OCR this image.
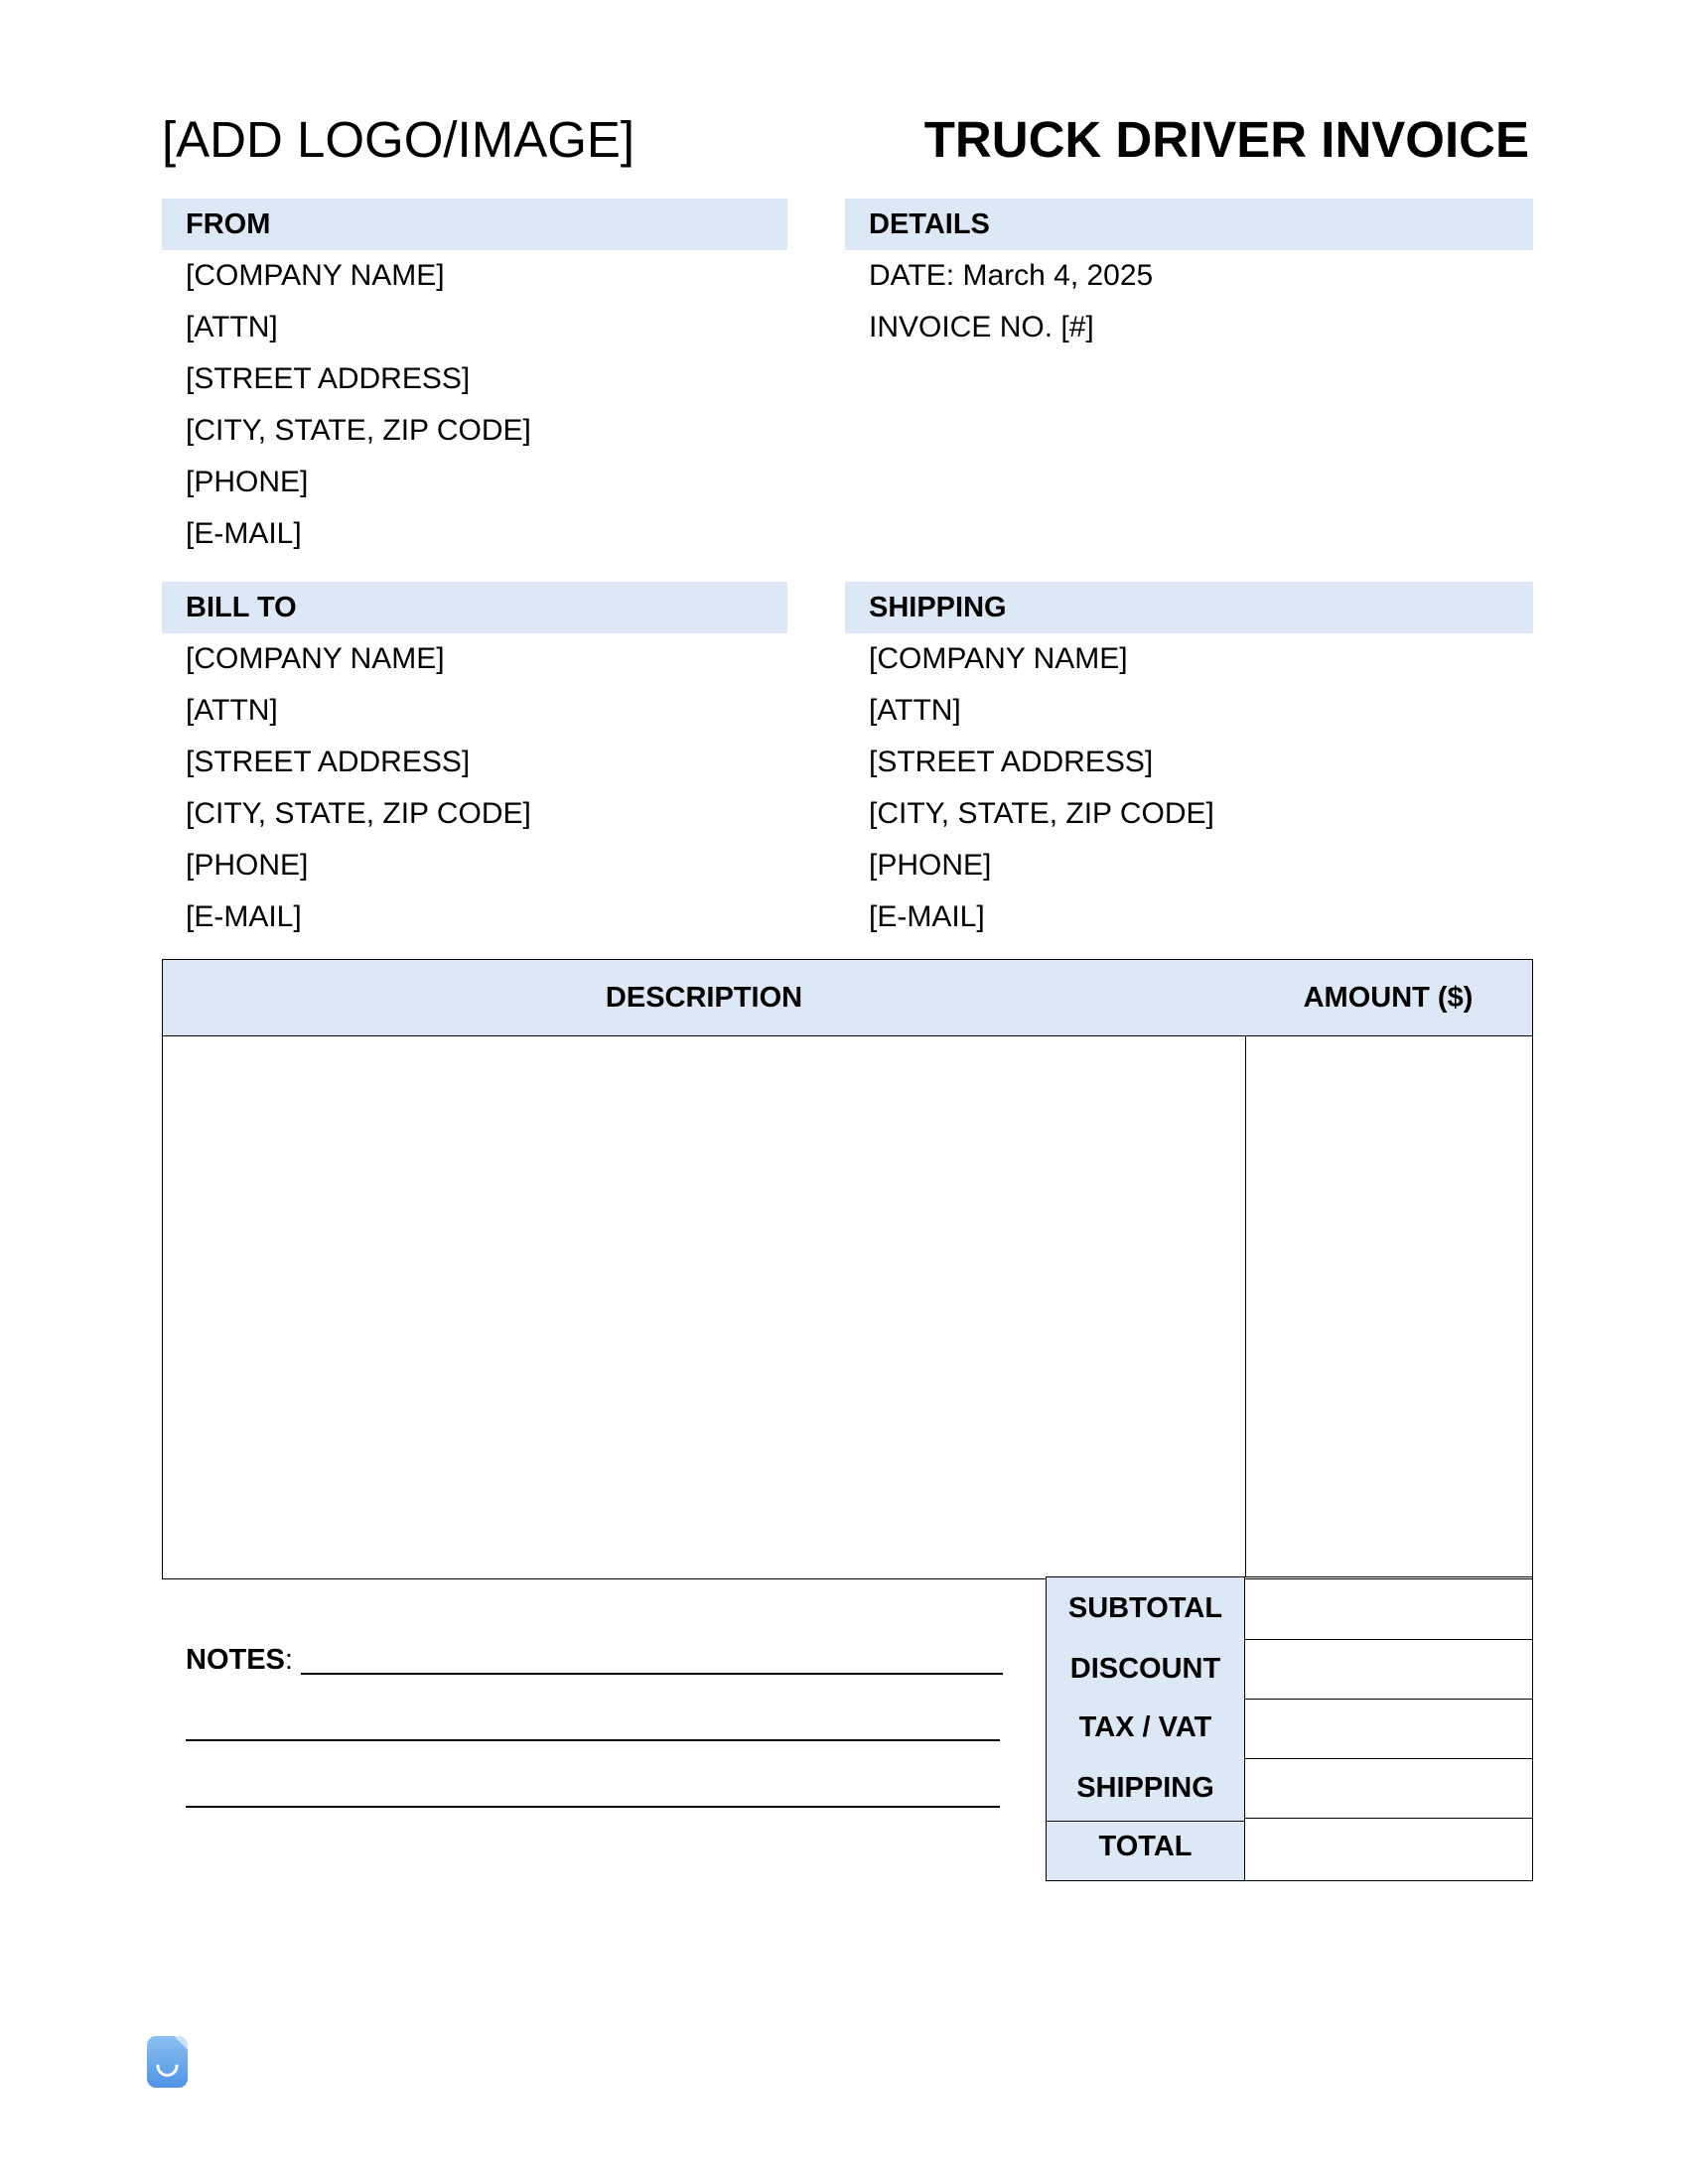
[ADD LOGO/IMAGE]	TRUCK DRIVER INVOICE
FROM
[COMPANY NAME]
[ATTN]
[STREET ADDRESS]
[CITY, STATE, ZIP CODE]
[PHONE]
[E-MAIL]
DETAILS
DATE: March 4, 2025
INVOICE NO. [#]
BILL TO
[COMPANY NAME]
[ATTN]
[STREET ADDRESS]
[CITY, STATE, ZIP CODE]
[PHONE]
[E-MAIL]
SHIPPING
[COMPANY NAME]
[ATTN]
[STREET ADDRESS]
[CITY, STATE, ZIP CODE]
[PHONE]
[E-MAIL]
DESCRIPTION	AMOUNT ($)
SUBTOTAL
DISCOUNT
TAX / VAT
SHIPPING
TOTAL
NOTES:
